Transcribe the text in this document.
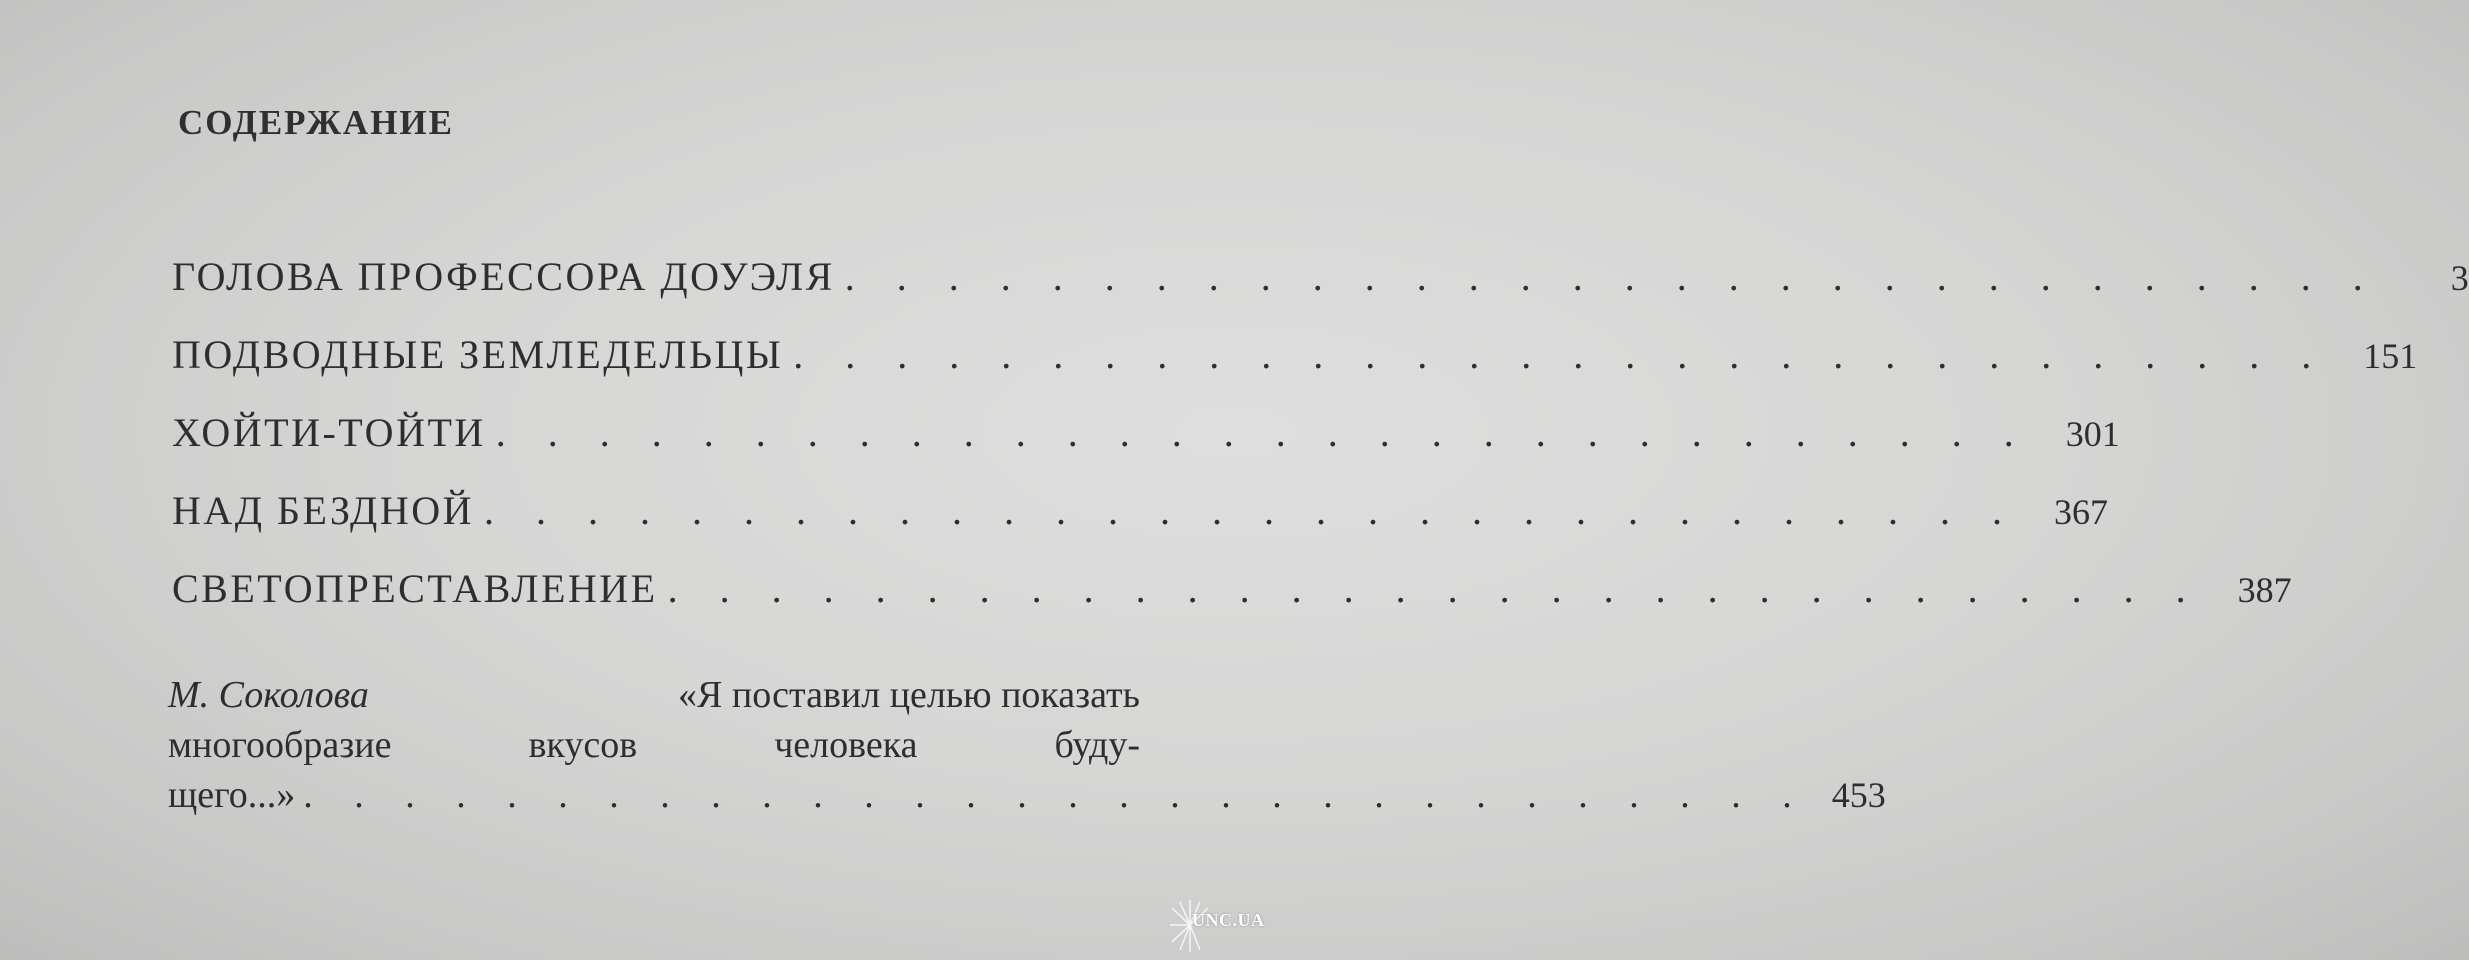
СОДЕРЖАНИЕ
ГОЛОВА ПРОФЕССОРА ДОУЭЛЯ . . . . . . . . . . . . . . . . . . . . . . . . . . . . . .	3
ПОДВОДНЫЕ ЗЕМЛЕДЕЛЬЦЫ . . . . . . . . . . . . . . . . . . . . . . . . . . . . . .	151
ХОЙТИ-ТОЙТИ . . . . . . . . . . . . . . . . . . . . . . . . . . . . . .	301
НАД БЕЗДНОЙ . . . . . . . . . . . . . . . . . . . . . . . . . . . . . .	367
СВЕТОПРЕСТАВЛЕНИЕ . . . . . . . . . . . . . . . . . . . . . . . . . . . . . .	387
М. Соколова	«Я поставил целью показать
многообразие	вкусов	человека	буду-
щего...» . . . . . . . . . . . . . . . . . . . . . . . . . . . . . . 453
UNC.UA
